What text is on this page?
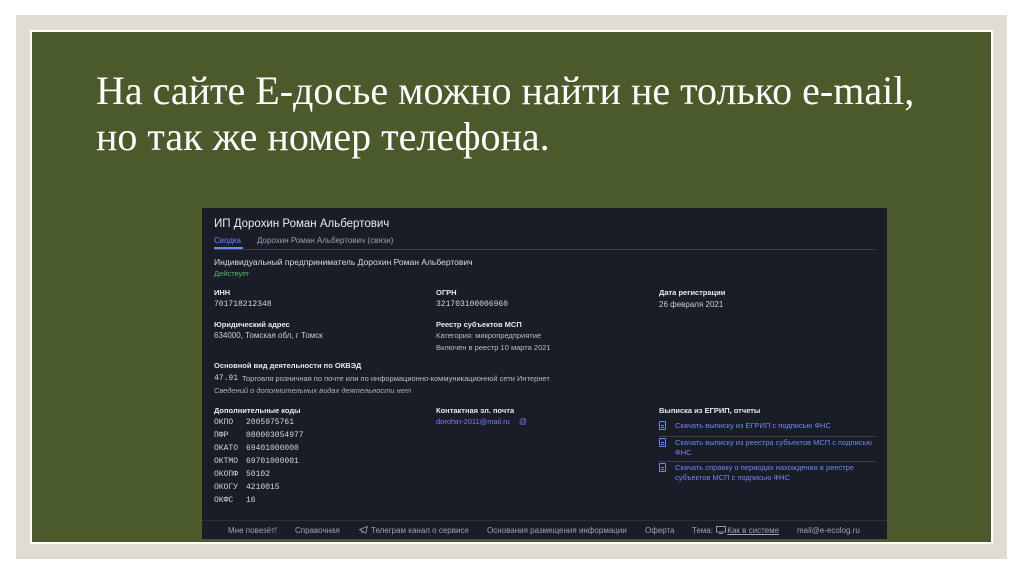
На сайте Е-досье можно найти не только e-mail, но так же номер телефона.
ИП Дорохин Роман Альбертович
Сводка Дорохин Роман Альбертович (связи)
Индивидуальный предприниматель Дорохин Роман Альбертович
Действует
ИНН
701718212348
ОГРН
321703100006960
Дата регистрации
26 февраля 2021
Юридический адрес
634000, Томская обл, г Томск
Реестр субъектов МСП
Категория: микропредприятие
Включен в реестр 10 марта 2021
Основной вид деятельности по ОКВЭД
47.91 Торговля розничная по почте или по информационно-коммуникационной сети Интернет
Сведений о дополнительных видах деятельности нет
Дополнительные коды
ОКПО 2005975761
ПФР 080003054977
ОКАТО 69401000000
ОКТМО 69701000001
ОКОПФ 50102
ОКОГУ 4210015
ОКФС 16
Контактная эл. почта
dorohin-2011@mail.ru @
Выписка из ЕГРИП, отчеты
Скачать выписку из ЕГРИП с подписью ФНС
Скачать выписку из реестра субъектов МСП с подписью ФНС
Скачать справку о периодах нахождения в реестре субъектов МСП с подписью ФНС
Мне повезёт! Справочная	Телеграм канал о сервисе Основания размещения информации Оферта Тема: Как в системе mail@e-ecolog.ru
